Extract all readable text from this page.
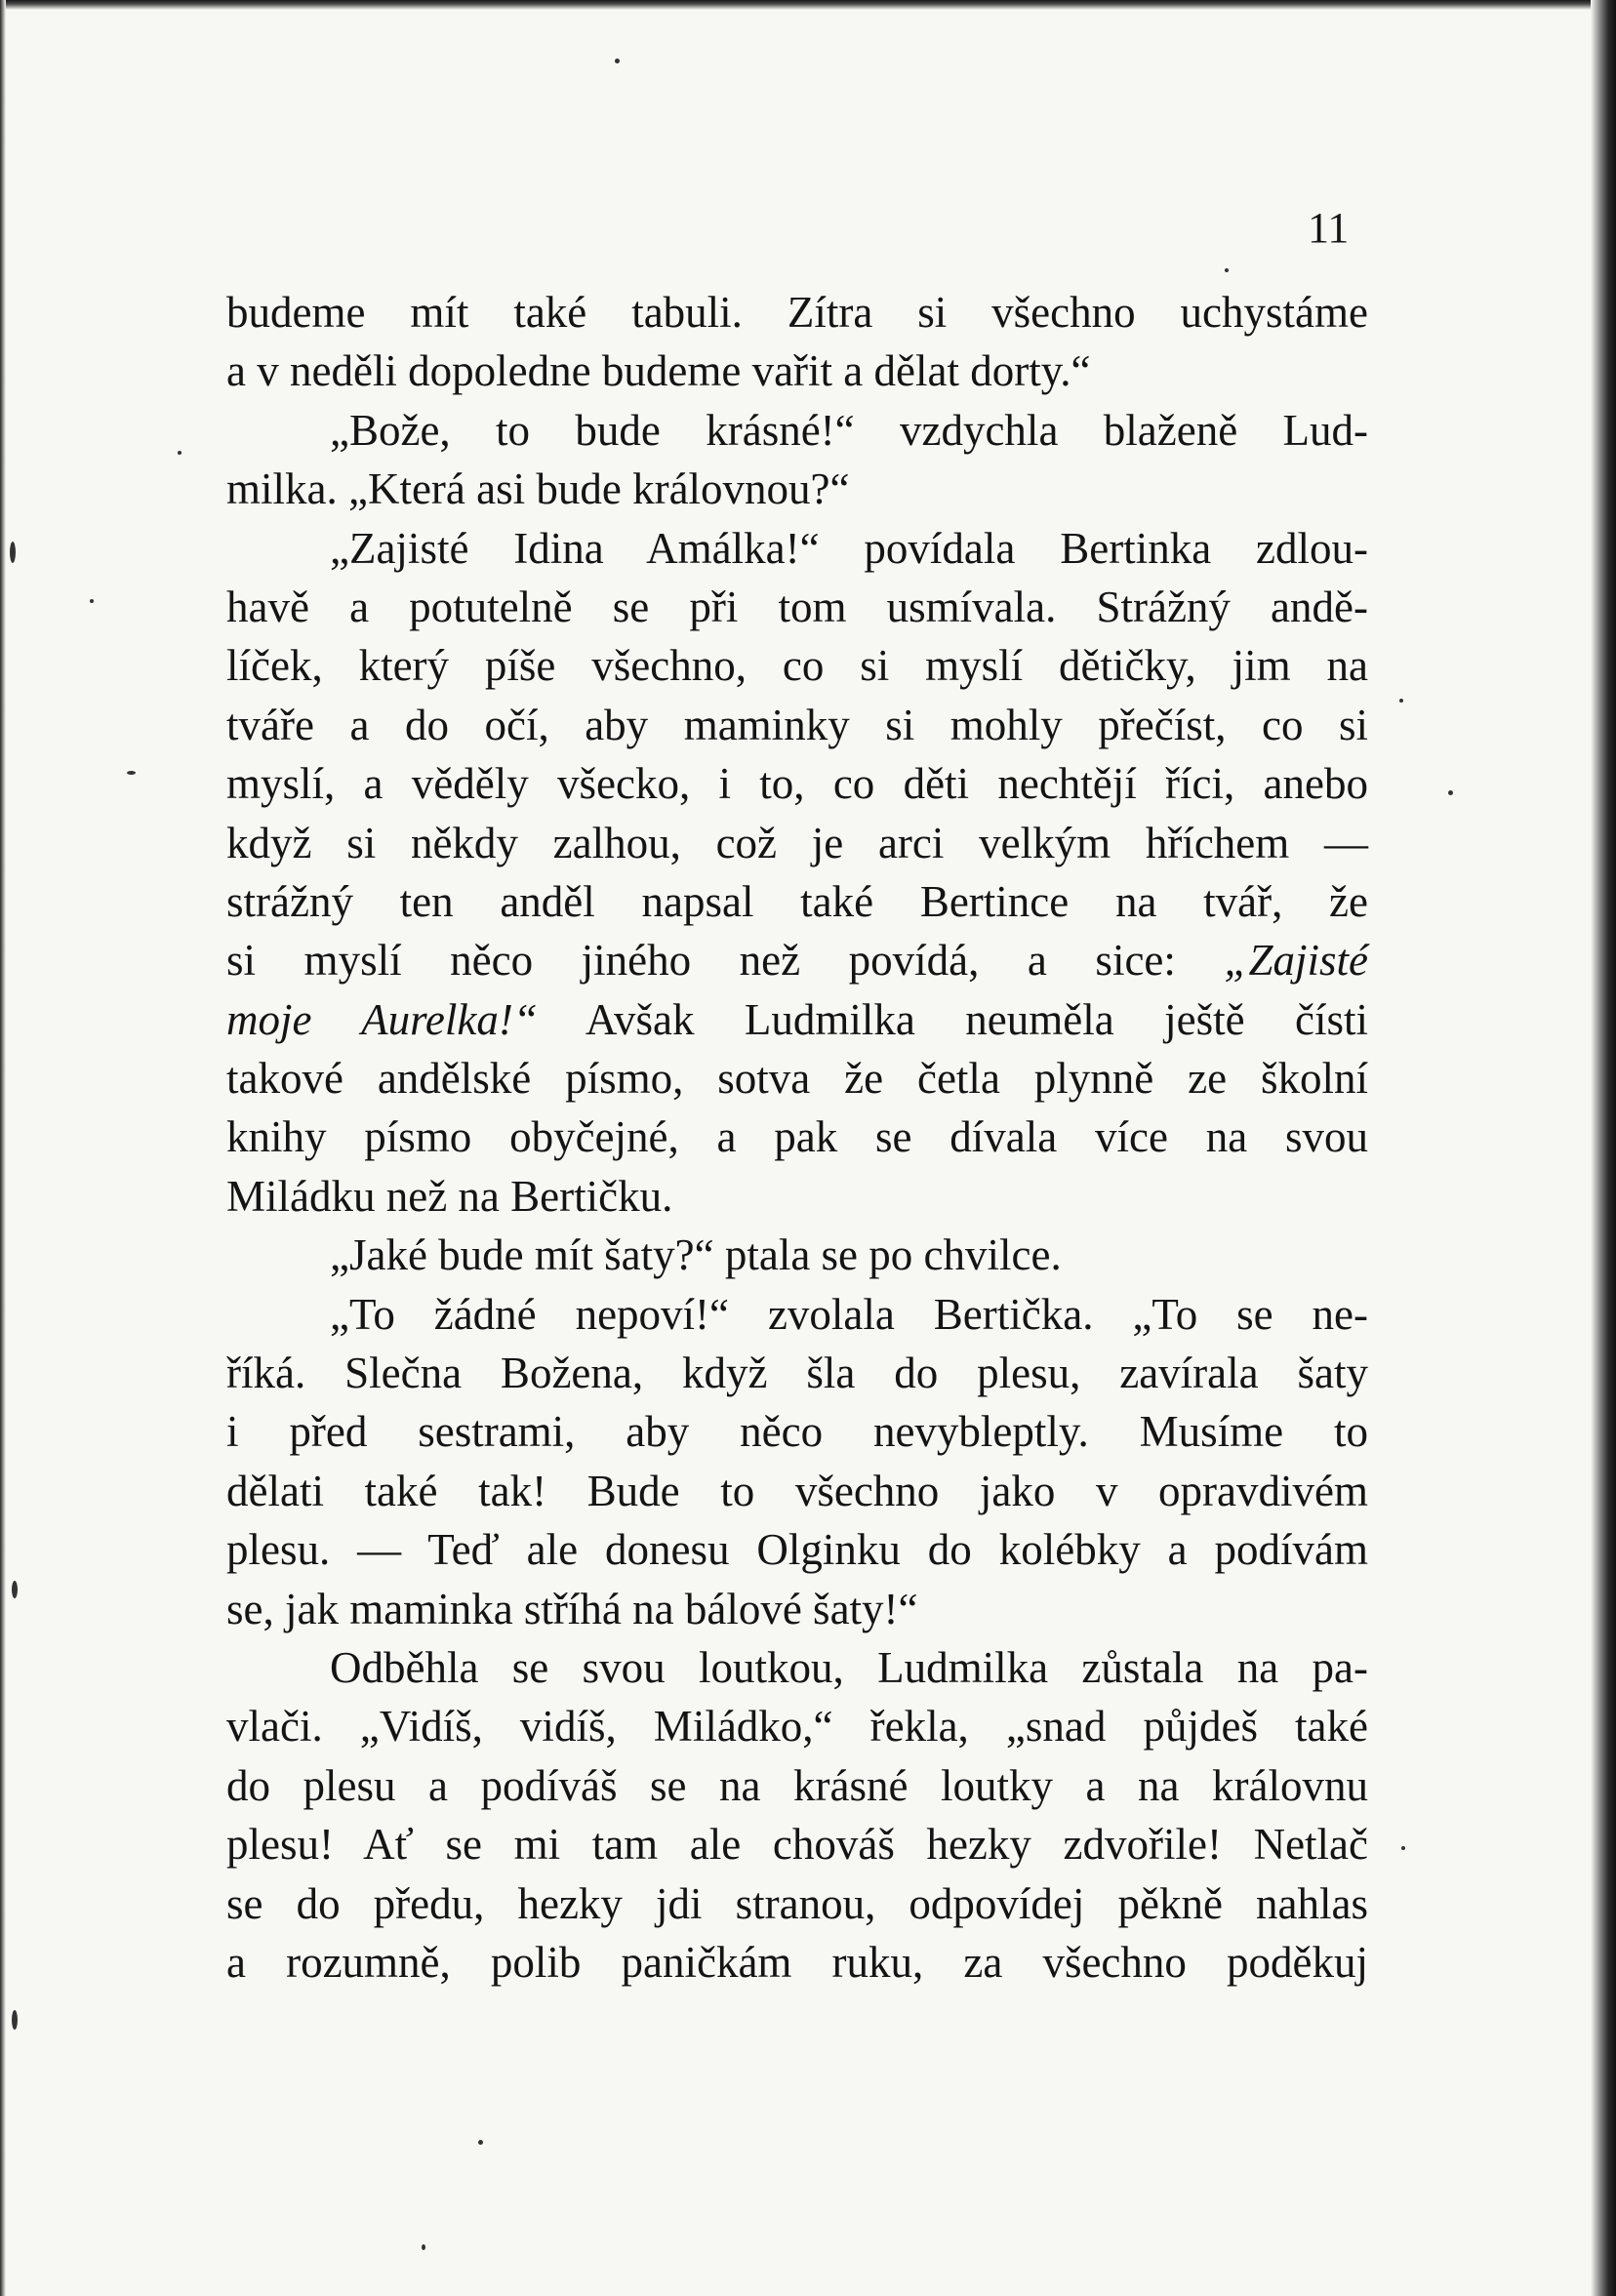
11
budeme mít také tabuli. Zítra si všechno uchystáme
a v neděli dopoledne budeme vařit a dělat dorty.“
„Bože, to bude krásné!“ vzdychla blaženě Lud-
milka. „Která asi bude královnou?“
„Zajisté Idina Amálka!“ povídala Bertinka zdlou-
havě a potutelně se při tom usmívala. Strážný andě-
líček, který píše všechno, co si myslí dětičky, jim na
tváře a do očí, aby maminky si mohly přečíst, co si
myslí, a věděly všecko, i to, co děti nechtějí říci, anebo
když si někdy zalhou, což je arci velkým hříchem —
strážný ten anděl napsal také Bertince na tvář, že
si myslí něco jiného než povídá, a sice: „Zajisté
moje Aurelka!“ Avšak Ludmilka neuměla ještě čísti
takové andělské písmo, sotva že četla plynně ze školní
knihy písmo obyčejné, a pak se dívala více na svou
Miládku než na Bertičku.
„Jaké bude mít šaty?“ ptala se po chvilce.
„To žádné nepoví!“ zvolala Bertička. „To se ne-
říká. Slečna Božena, když šla do plesu, zavírala šaty
i před sestrami, aby něco nevybleptly. Musíme to
dělati také tak! Bude to všechno jako v opravdivém
plesu. — Teď ale donesu Olginku do kolébky a podívám
se, jak maminka stříhá na bálové šaty!“
Odběhla se svou loutkou, Ludmilka zůstala na pa-
vlači. „Vidíš, vidíš, Miládko,“ řekla, „snad půjdeš také
do plesu a podíváš se na krásné loutky a na královnu
plesu! Ať se mi tam ale chováš hezky zdvořile! Netlač
se do předu, hezky jdi stranou, odpovídej pěkně nahlas
a rozumně, polib paničkám ruku, za všechno poděkuj
